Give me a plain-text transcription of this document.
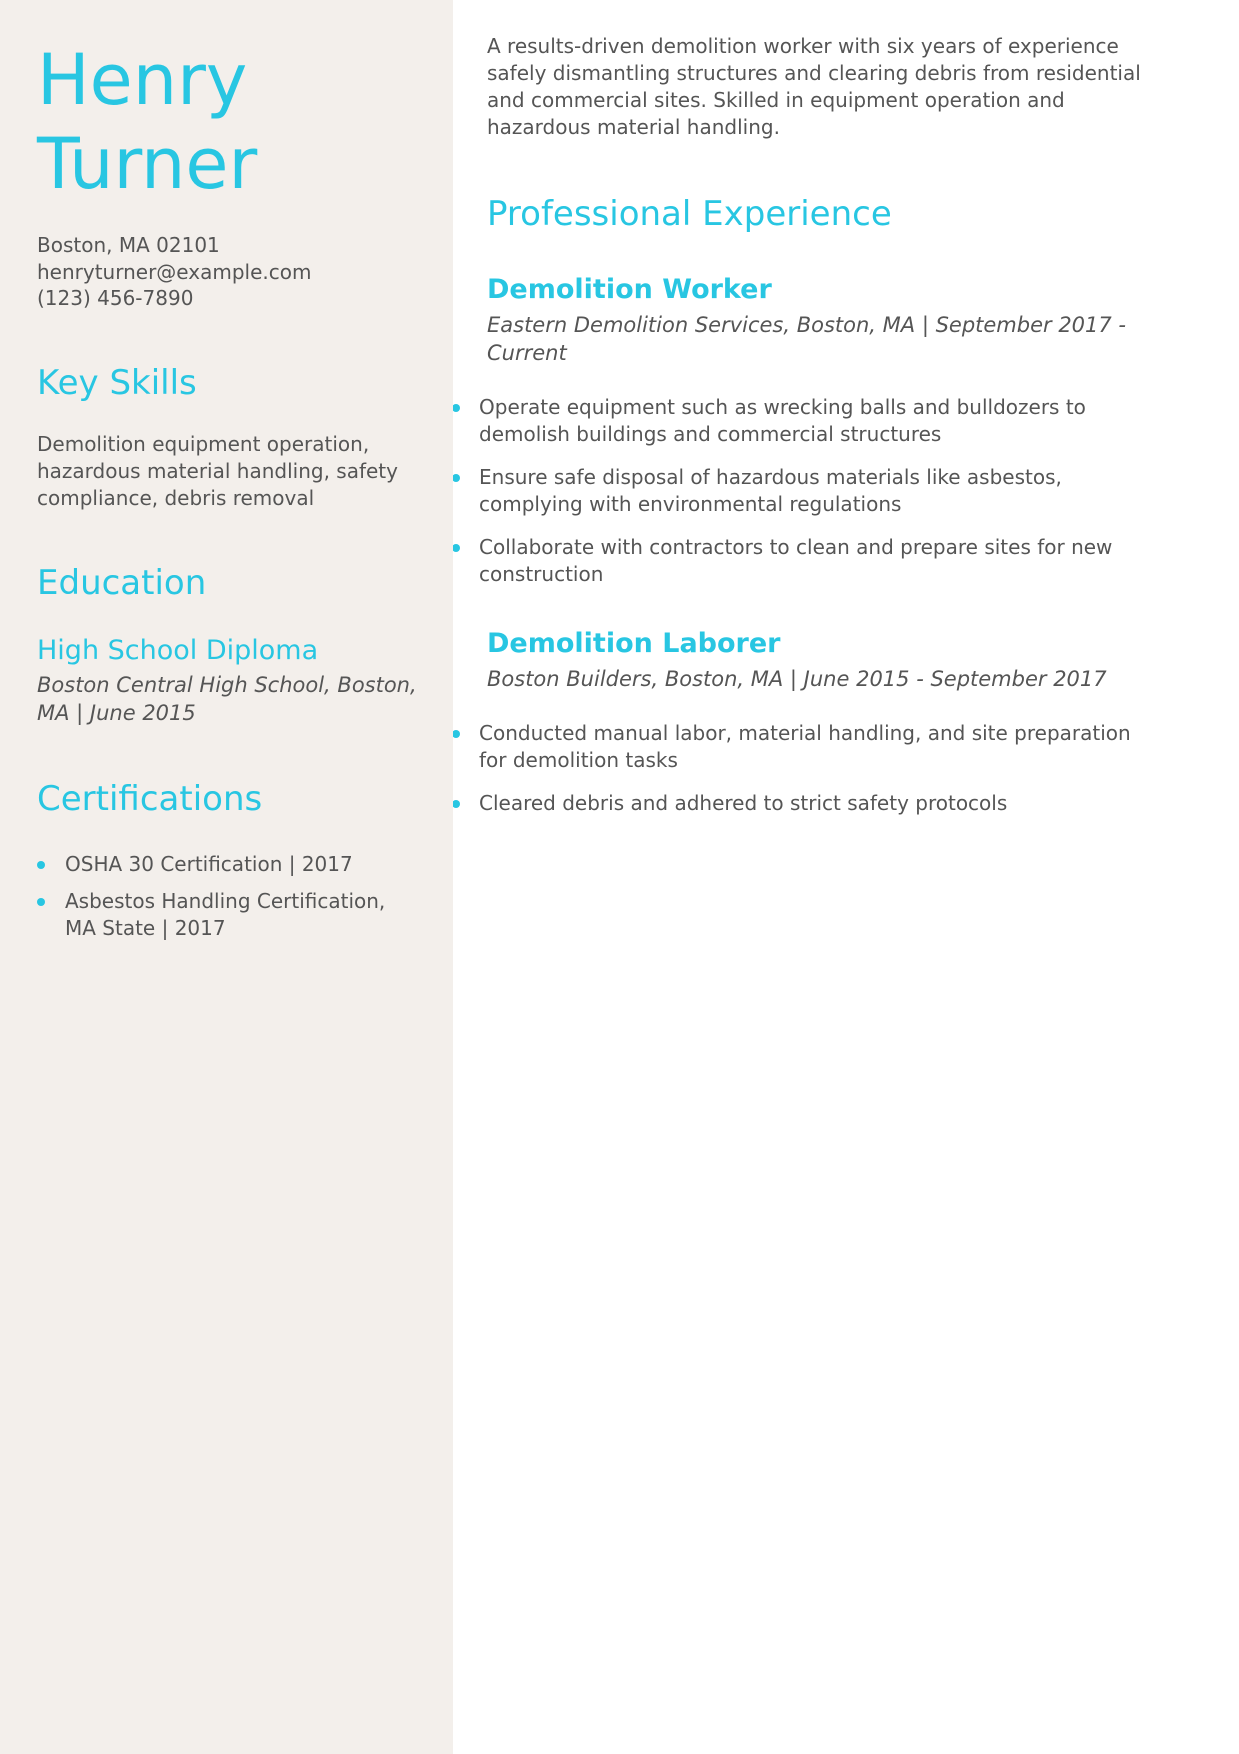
Henry Turner
Boston, MA 02101
henryturner@example.com
(123) 456-7890
Key Skills

Demolition equipment operation, hazardous material handling, safety compliance, debris removal

Education
High School Diploma

Boston Central High School, Boston, MA | June 2015

Certifications
OSHA 30 Certification | 2017
Asbestos Handling Certification, MA State | 2017

A results-driven demolition worker with six years of experience safely dismantling structures and clearing debris from residential and commercial sites. Skilled in equipment operation and hazardous material handling.

Professional Experience
Demolition Worker

Eastern Demolition Services, Boston, MA | September 2017 - Current

Operate equipment such as wrecking balls and bulldozers to demolish buildings and commercial structures
Ensure safe disposal of hazardous materials like asbestos, complying with environmental regulations
Collaborate with contractors to clean and prepare sites for new construction
Demolition Laborer

Boston Builders, Boston, MA | June 2015 - September 2017

Conducted manual labor, material handling, and site preparation for demolition tasks
Cleared debris and adhered to strict safety protocols
